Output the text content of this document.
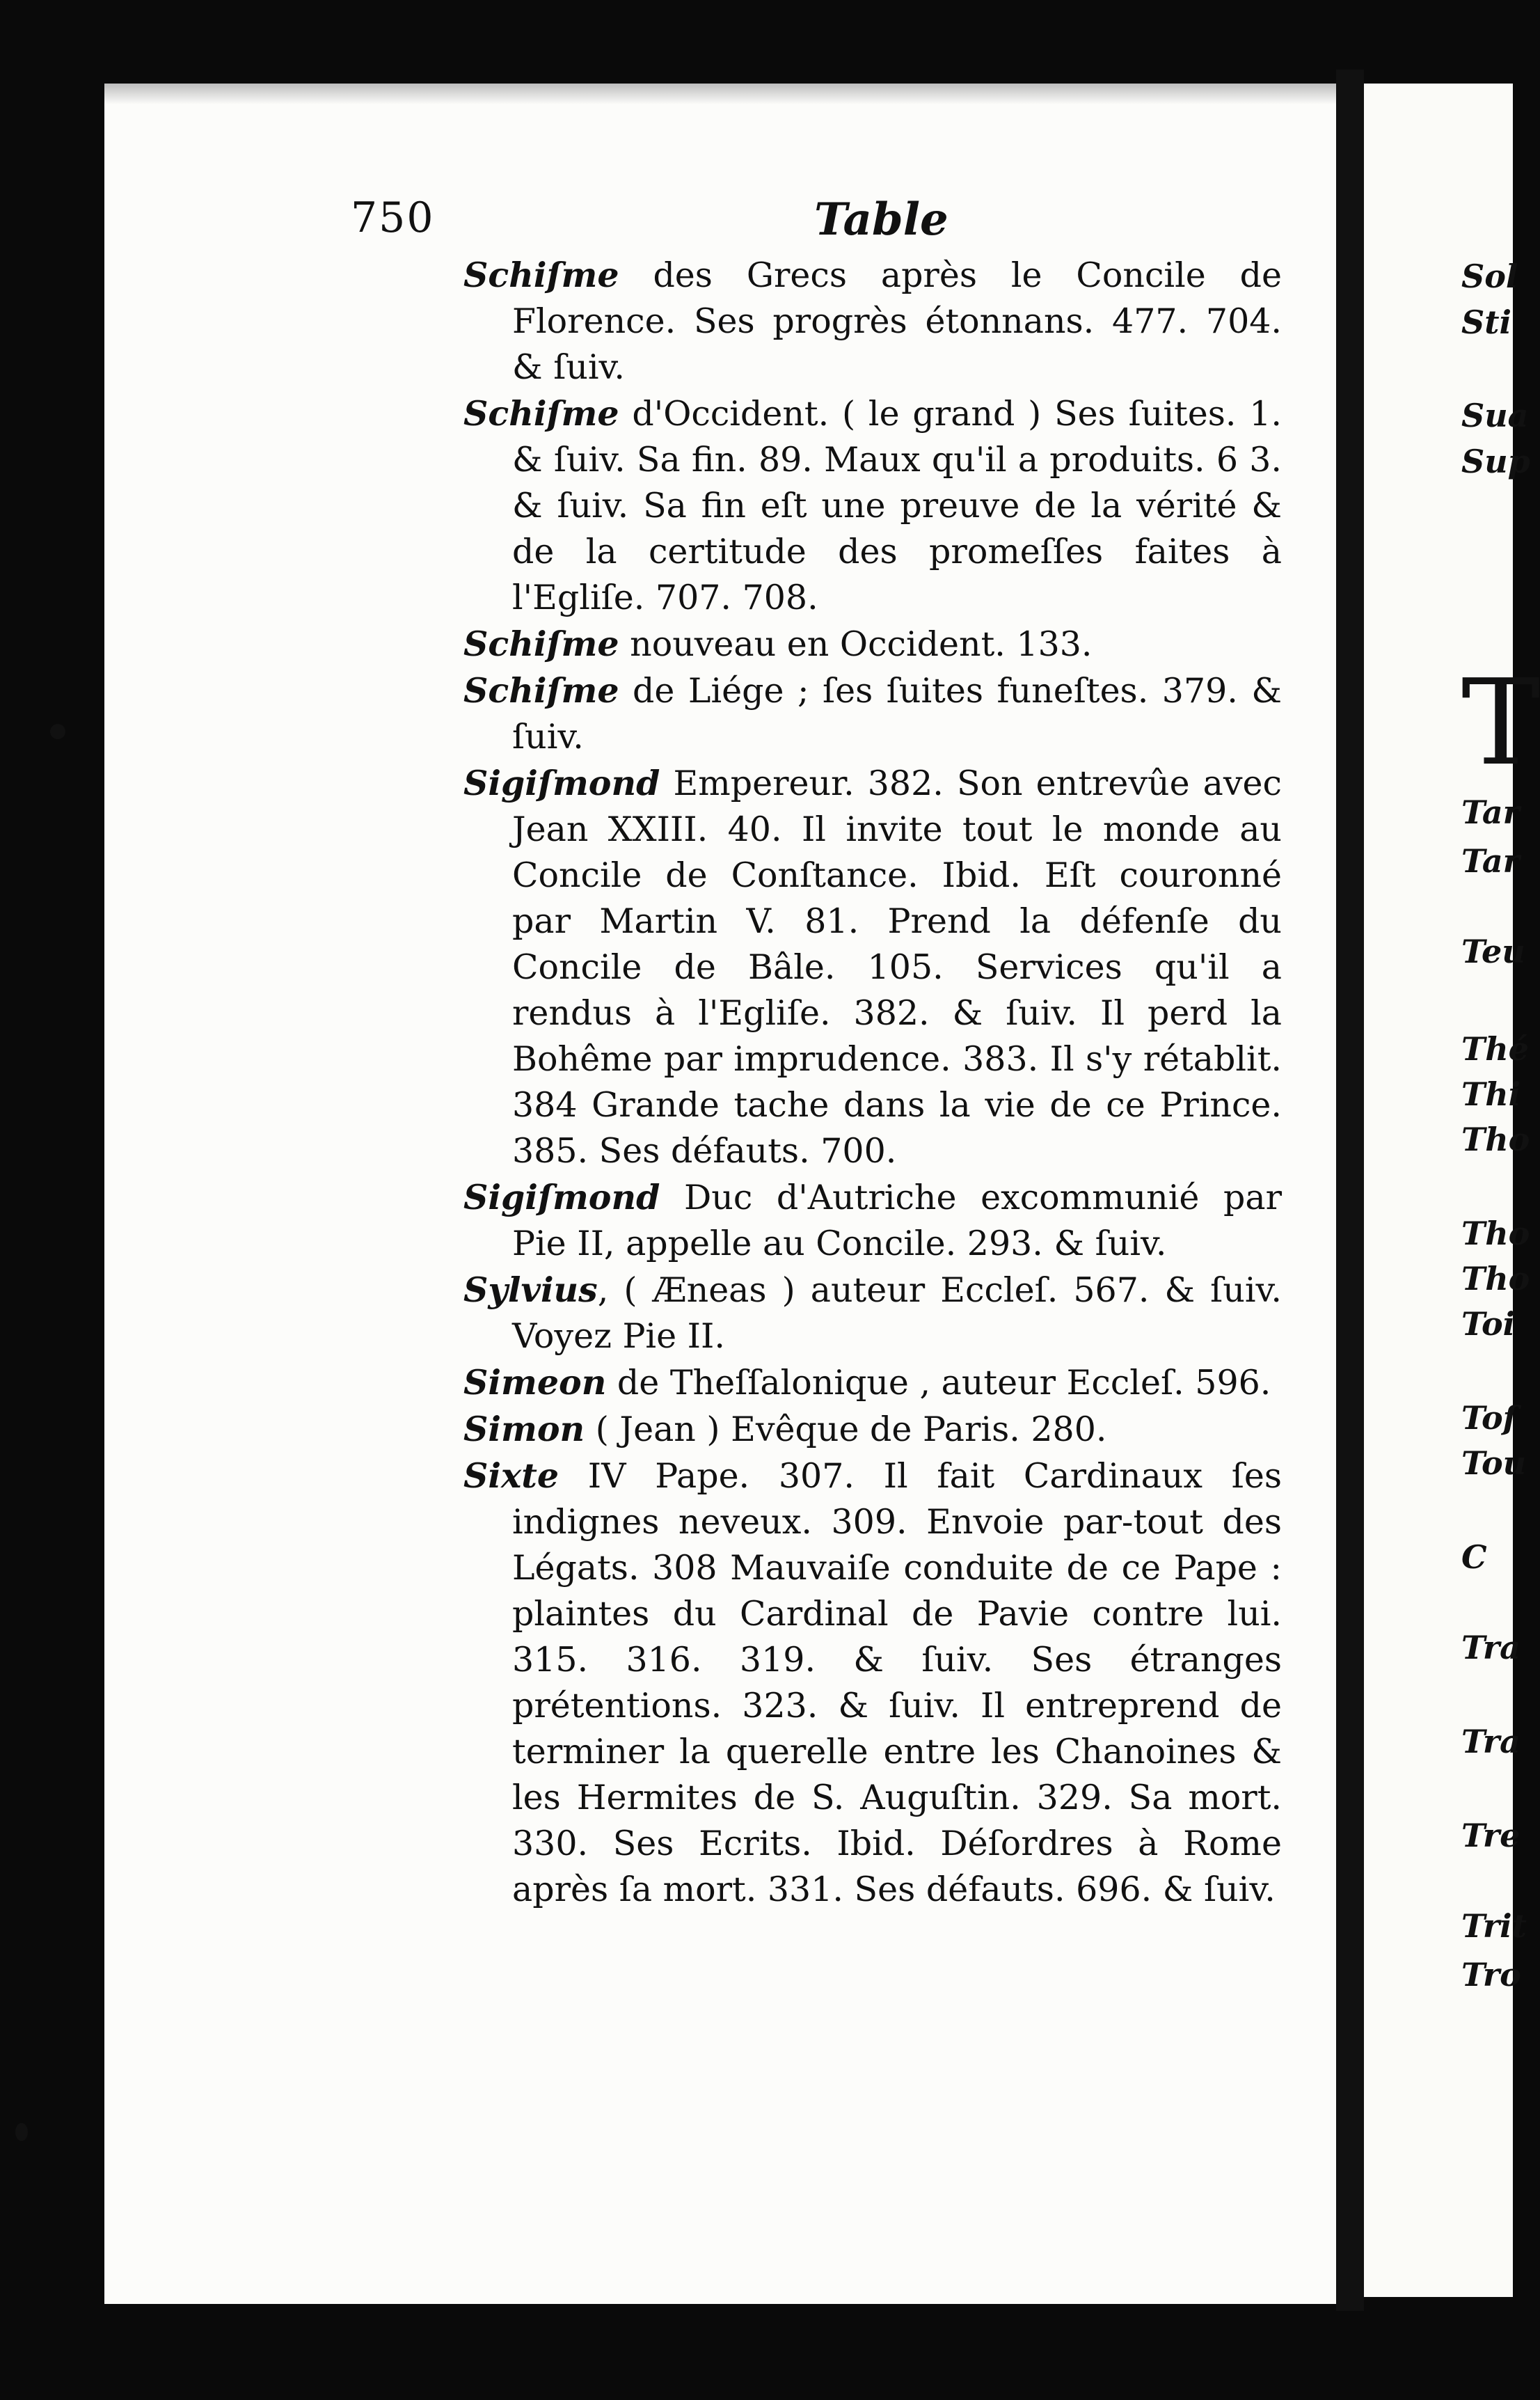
750	Table

Schiſme des Grecs après le Concile de Florence. Ses progrès étonnans. 477. 704. & ſuiv.

Schiſme d'Occident. ( le grand ) Ses ſuites. 1. & ſuiv. Sa fin. 89. Maux qu'il a produits. 6 3. & ſuiv. Sa fin eſt une preuve de la vérité & de la certitude des promeſſes faites à l'Egliſe. 707. 708.

Schiſme nouveau en Occident. 133.

Schiſme de Liége ; ſes ſuites funeſtes. 379. & ſuiv.

Sigiſmond Empereur. 382. Son entrevûe avec Jean XXIII. 40. Il invite tout le monde au Concile de Conſtance. Ibid. Eſt couronné par Martin V. 81. Prend la défenſe du Concile de Bâle. 105. Services qu'il a rendus à l'Egliſe. 382. & ſuiv. Il perd la Bohême par imprudence. 383. Il s'y rétablit. 384 Grande tache dans la vie de ce Prince. 385. Ses défauts. 700.

Sigiſmond Duc d'Autriche excommunié par Pie II, appelle au Concile. 293. & ſuiv.

Sylvius, ( Æneas ) auteur Eccleſ. 567. & ſuiv. Voyez Pie II.

Simeon de Theſſalonique , auteur Eccleſ. 596.

Simon ( Jean ) Evêque de Paris. 280.

Sixte IV Pape. 307. Il fait Cardinaux ſes indignes neveux. 309. Envoie par-tout des Légats. 308 Mauvaiſe conduite de ce Pape : plaintes du Cardinal de Pavie contre lui. 315. 316. 319. & ſuiv. Ses étranges prétentions. 323. & ſuiv. Il entreprend de terminer la querelle entre les Chanoines & les Hermites de S. Auguſtin. 329. Sa mort. 330. Ses Ecrits. Ibid. Déſordres à Rome après ſa mort. 331. Ses défauts. 696. & ſuiv.

Sol
Sti
Sua
Sup
T
Tar
Tar
Teu
Thé
Thi
Tho
Tho
Tho
Toi
Toſ
Tou
C
Tra
Tra
Tre
Trit
Tro
